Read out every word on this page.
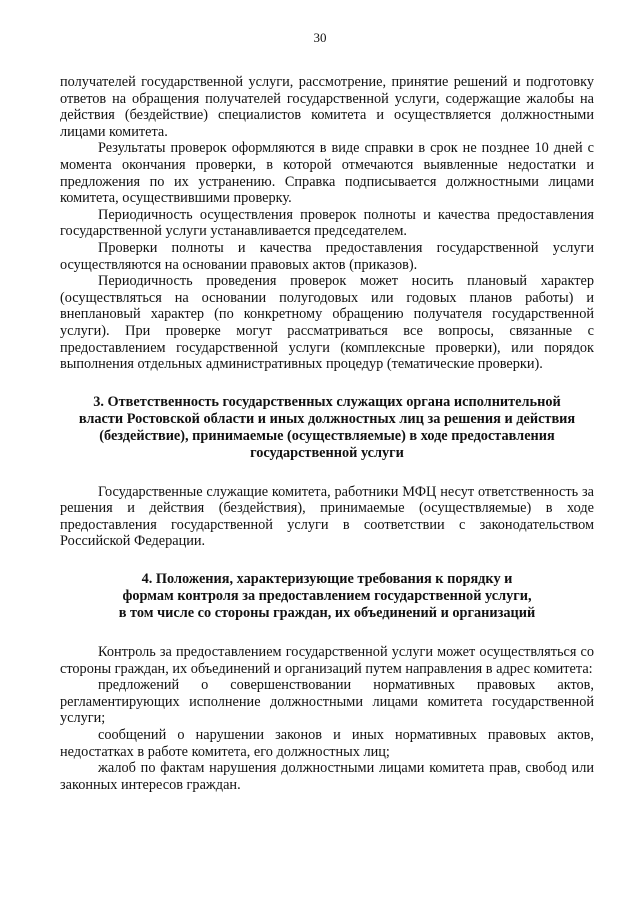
30

получателей государственной услуги, рассмотрение, принятие решений и подготовку ответов на обращения получателей государственной услуги, содержащие жалобы на действия (бездействие) специалистов комитета и осуществляется должностными лицами комитета.

Результаты проверок оформляются в виде справки в срок не позднее 10 дней с момента окончания проверки, в которой отмечаются выявленные недостатки и предложения по их устранению. Справка подписывается должностными лицами комитета, осуществившими проверку.

Периодичность осуществления проверок полноты и качества предоставления государственной услуги устанавливается председателем.

Проверки полноты и качества предоставления государственной услуги осуществляются на основании правовых актов (приказов).

Периодичность проведения проверок может носить плановый характер (осуществляться на основании полугодовых или годовых планов работы) и внеплановый характер (по конкретному обращению получателя государственной услуги). При проверке могут рассматриваться все вопросы, связанные с предоставлением государственной услуги (комплексные проверки), или порядок выполнения отдельных административных процедур (тематические проверки).

3. Ответственность государственных служащих органа исполнительной
власти Ростовской области и иных должностных лиц за решения и действия
(бездействие), принимаемые (осуществляемые) в ходе предоставления
государственной услуги

Государственные служащие комитета, работники МФЦ несут ответственность за решения и действия (бездействия), принимаемые (осуществляемые) в ходе предоставления государственной услуги в соответствии с законодательством Российской Федерации.

4. Положения, характеризующие требования к порядку и
формам контроля за предоставлением государственной услуги,
в том числе со стороны граждан, их объединений и организаций

Контроль за предоставлением государственной услуги может осуществляться со стороны граждан, их объединений и организаций путем направления в адрес комитета:

предложений о совершенствовании нормативных правовых актов, регламентирующих исполнение должностными лицами комитета государственной услуги;

сообщений о нарушении законов и иных нормативных правовых актов, недостатках в работе комитета, его должностных лиц;

жалоб по фактам нарушения должностными лицами комитета прав, свобод или законных интересов граждан.
